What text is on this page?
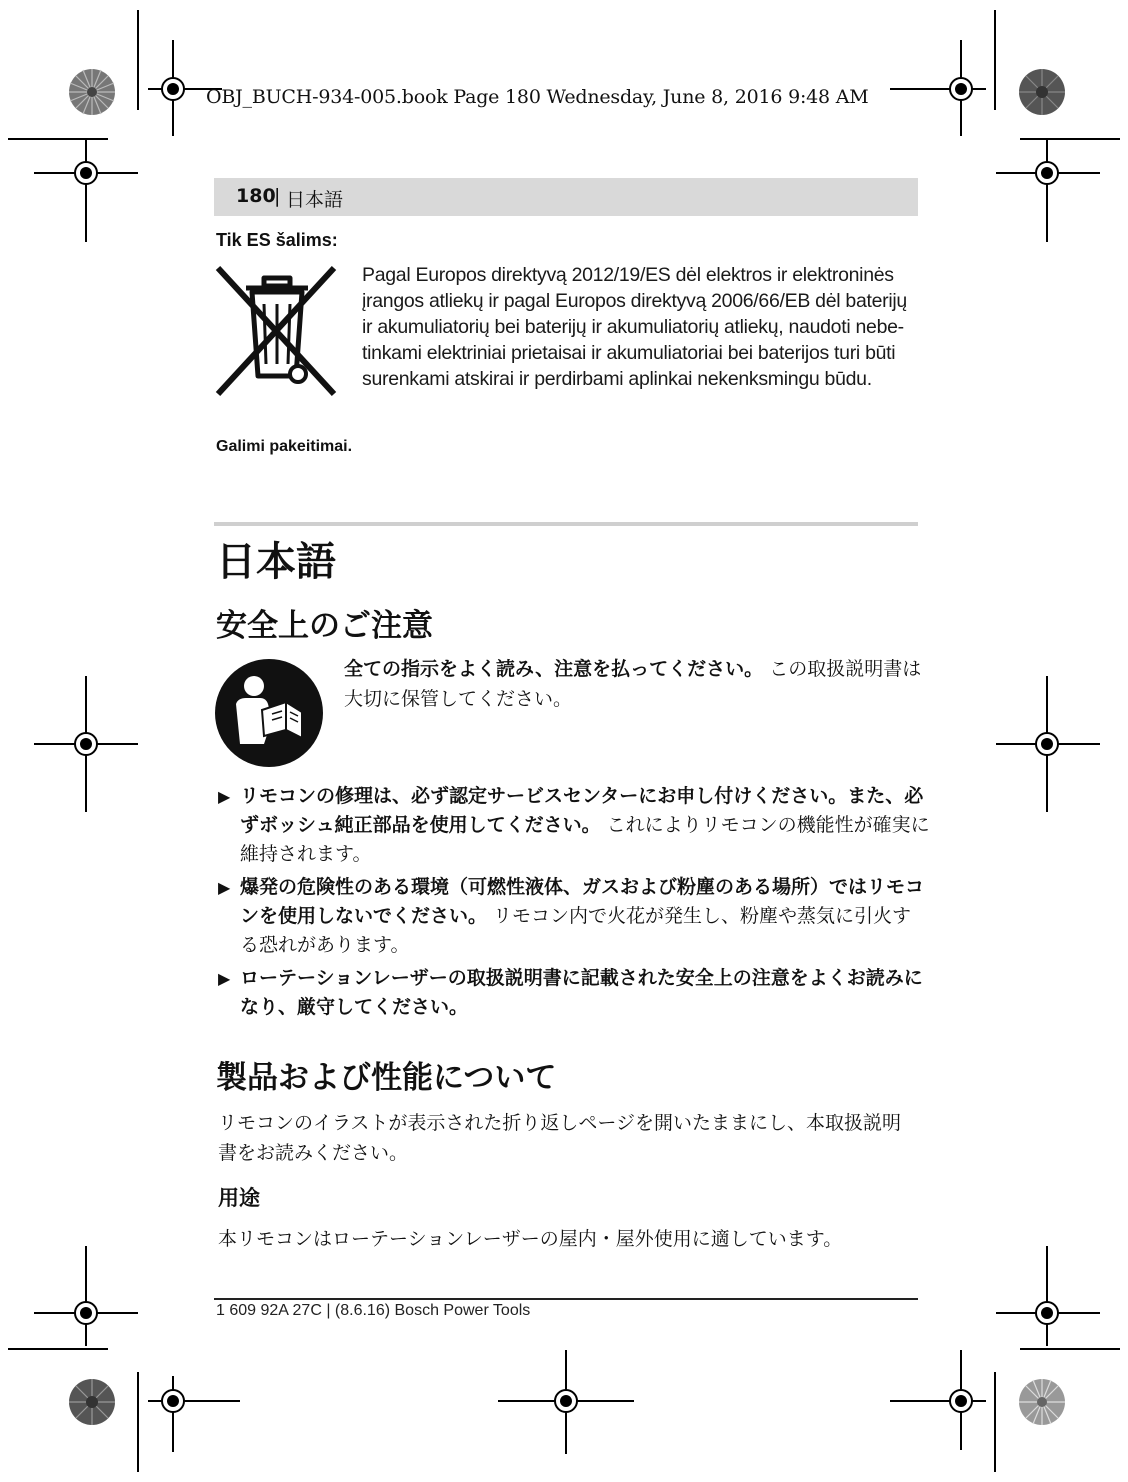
OBJ_BUCH-934-005.book Page 180 Wednesday, June 8, 2016 9:48 AM
180
| 日本語
Tik ES šalims:
Pagal Europos direktyvą 2012/19/ES dėl elektros ir elektroninės įrangos atliekų ir pagal Europos direktyvą 2006/66/EB dėl baterijų ir akumuliatorių bei baterijų ir akumuliatorių atliekų, naudoti nebe-tinkami elektriniai prietaisai ir akumuliatoriai bei baterijos turi būti surenkami atskirai ir perdirbami aplinkai nekenksmingu būdu.
Galimi pakeitimai.
日本語
安全上のご注意
全ての指示をよく読み、注意を払ってください。 この取扱説明書は大切に保管してください。
▶ リモコンの修理は、必ず認定サービスセンターにお申し付けください。また、必ずボッシュ純正部品を使用してください。 これによりリモコンの機能性が確実に維持されます。
▶ 爆発の危険性のある環境（可燃性液体、ガスおよび粉塵のある場所）ではリモコンを使用しないでください。 リモコン内で火花が発生し、粉塵や蒸気に引火する恐れがあります。
▶ ローテーションレーザーの取扱説明書に記載された安全上の注意をよくお読みになり、厳守してください。
製品および性能について
リモコンのイラストが表示された折り返しページを開いたままにし、本取扱説明書をお読みください。
用途
本リモコンはローテーションレーザーの屋内・屋外使用に適しています。
1 609 92A 27C | (8.6.16) Bosch Power Tools
